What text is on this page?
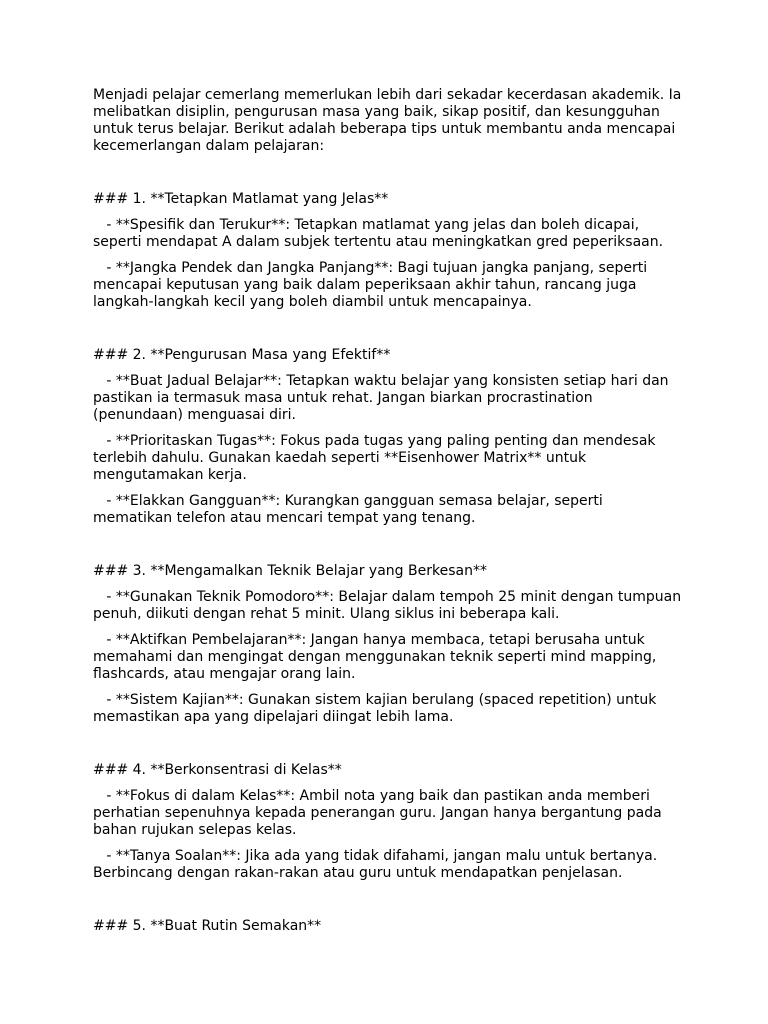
Menjadi pelajar cemerlang memerlukan lebih dari sekadar kecerdasan akademik. Ia melibatkan disiplin, pengurusan masa yang baik, sikap positif, dan kesungguhan untuk terus belajar. Berikut adalah beberapa tips untuk membantu anda mencapai kecemerlangan dalam pelajaran:

### 1. **Tetapkan Matlamat yang Jelas**

- **Spesifik dan Terukur**: Tetapkan matlamat yang jelas dan boleh dicapai, seperti mendapat A dalam subjek tertentu atau meningkatkan gred peperiksaan.

- **Jangka Pendek dan Jangka Panjang**: Bagi tujuan jangka panjang, seperti mencapai keputusan yang baik dalam peperiksaan akhir tahun, rancang juga langkah-langkah kecil yang boleh diambil untuk mencapainya.

### 2. **Pengurusan Masa yang Efektif**

- **Buat Jadual Belajar**: Tetapkan waktu belajar yang konsisten setiap hari dan pastikan ia termasuk masa untuk rehat. Jangan biarkan procrastination (penundaan) menguasai diri.

- **Prioritaskan Tugas**: Fokus pada tugas yang paling penting dan mendesak terlebih dahulu. Gunakan kaedah seperti **Eisenhower Matrix** untuk mengutamakan kerja.

- **Elakkan Gangguan**: Kurangkan gangguan semasa belajar, seperti mematikan telefon atau mencari tempat yang tenang.

### 3. **Mengamalkan Teknik Belajar yang Berkesan**

- **Gunakan Teknik Pomodoro**: Belajar dalam tempoh 25 minit dengan tumpuan penuh, diikuti dengan rehat 5 minit. Ulang siklus ini beberapa kali.

- **Aktifkan Pembelajaran**: Jangan hanya membaca, tetapi berusaha untuk memahami dan mengingat dengan menggunakan teknik seperti mind mapping, flashcards, atau mengajar orang lain.

- **Sistem Kajian**: Gunakan sistem kajian berulang (spaced repetition) untuk memastikan apa yang dipelajari diingat lebih lama.

### 4. **Berkonsentrasi di Kelas**

- **Fokus di dalam Kelas**: Ambil nota yang baik dan pastikan anda memberi perhatian sepenuhnya kepada penerangan guru. Jangan hanya bergantung pada bahan rujukan selepas kelas.

- **Tanya Soalan**: Jika ada yang tidak difahami, jangan malu untuk bertanya. Berbincang dengan rakan-rakan atau guru untuk mendapatkan penjelasan.

### 5. **Buat Rutin Semakan**
